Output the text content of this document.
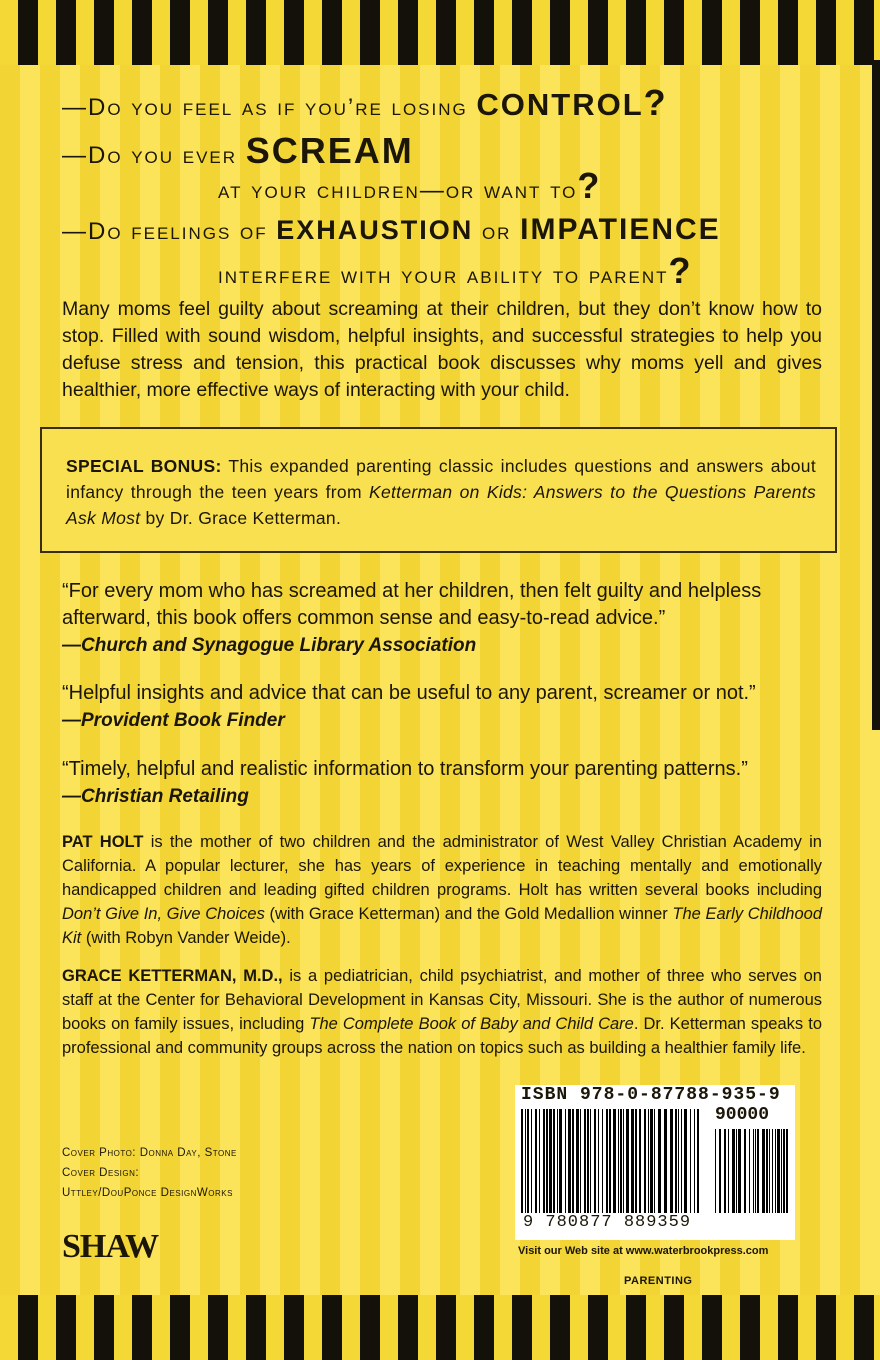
—Do you feel as if you’re losing CONTROL?
—Do you ever SCREAM
at your children—or want to?
—Do feelings of EXHAUSTION or IMPATIENCE
interfere with your ability to parent?
Many moms feel guilty about screaming at their children, but they don’t know how to stop. Filled with sound wisdom, helpful insights, and successful strategies to help you defuse stress and tension, this practical book discusses why moms yell and gives healthier, more effective ways of interacting with your child.
SPECIAL BONUS: This expanded parenting classic includes questions and answers about infancy through the teen years from Ketterman on Kids: Answers to the Questions Parents Ask Most by Dr. Grace Ketterman.
“For every mom who has screamed at her children, then felt guilty and helpless afterward, this book offers common sense and easy-to-read advice.”
—Church and Synagogue Library Association
“Helpful insights and advice that can be useful to any parent, screamer or not.”
—Provident Book Finder
“Timely, helpful and realistic information to transform your parenting patterns.”
—Christian Retailing
PAT HOLT is the mother of two children and the administrator of West Valley Christian Academy in California. A popular lecturer, she has years of experience in teaching mentally and emotionally handicapped children and leading gifted children programs. Holt has written several books including Don’t Give In, Give Choices (with Grace Ketterman) and the Gold Medallion winner The Early Childhood Kit (with Robyn Vander Weide).
GRACE KETTERMAN, M.D., is a pediatrician, child psychiatrist, and mother of three who serves on staff at the Center for Behavioral Development in Kansas City, Missouri. She is the author of numerous books on family issues, including The Complete Book of Baby and Child Care. Dr. Ketterman speaks to professional and community groups across the nation on topics such as building a healthier family life.
Cover Photo: Donna Day, Stone
Cover Design:
Uttley/DouPonce DesignWorks
SHAW
ISBN 978-0-87788-935-9
90000
9 780877 889359
Visit our Web site at www.waterbrookpress.com
PARENTING
